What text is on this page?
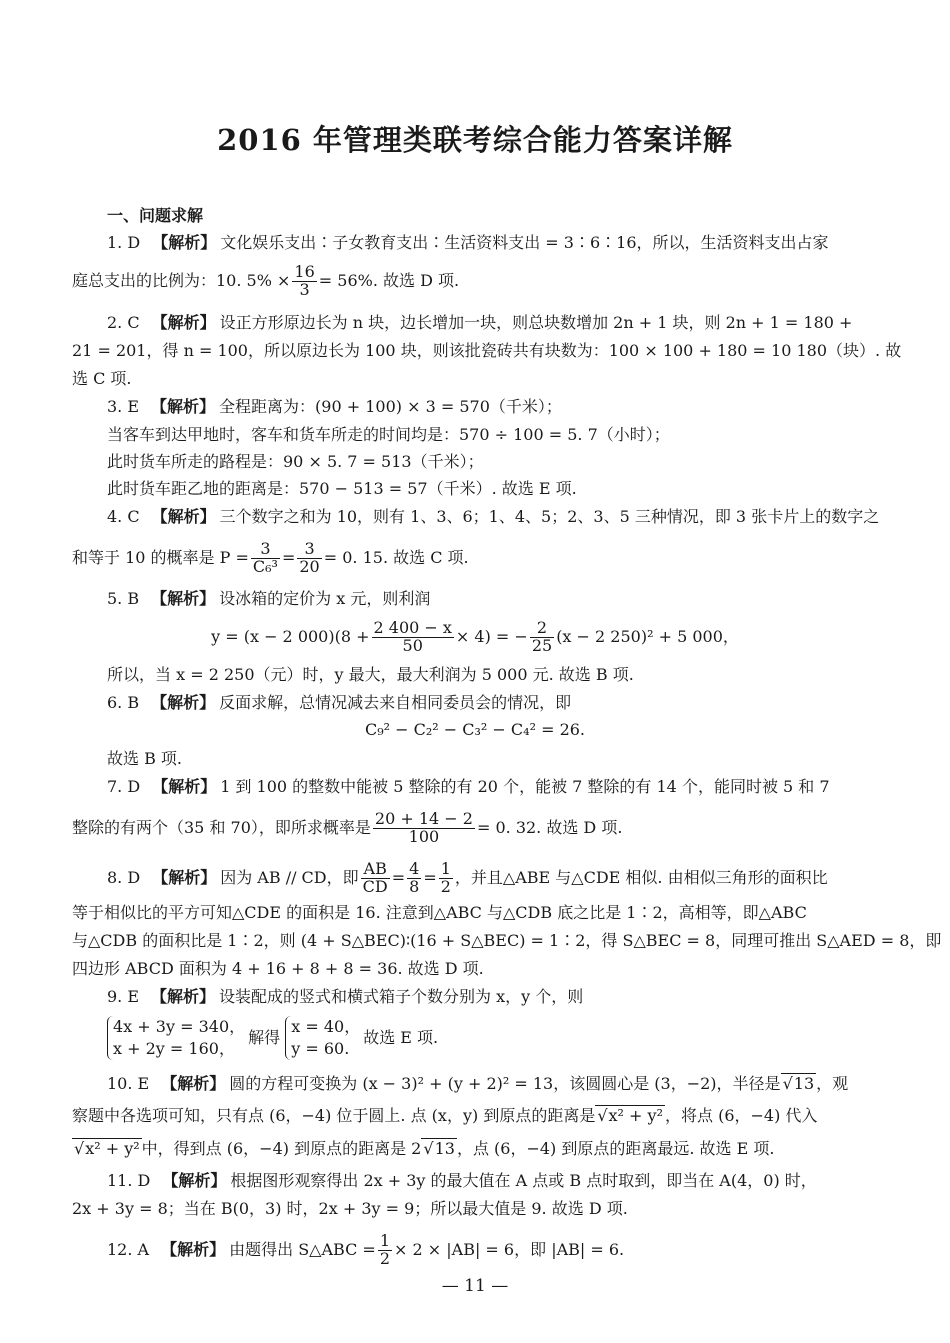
2016 年管理类联考综合能力答案详解
一、问题求解
1. D 【解析】 文化娱乐支出∶子女教育支出∶生活资料支出 = 3∶6∶16，所以，生活资料支出占家
庭总支出的比例为：10. $5\% \times \frac{16}{3} = 56\%$. 故选 D 项.
2. C 【解析】 设正方形原边长为 n 块，边长增加一块，则总块数增加 2n + 1 块，则 2n + 1 = 180 +
21 = 201，得 n = 100，所以原边长为 100 块，则该批瓷砖共有块数为：100 × 100 + 180 = 10 180（块）. 故
选 C 项.
3. E 【解析】 全程距离为：(90 + 100) × 3 = 570（千米）；
当客车到达甲地时，客车和货车所走的时间均是：570 ÷ 100 = 5. 7（小时）；
此时货车所走的路程是：90 × 5. 7 = 513（千米）；
此时货车距乙地的距离是：570 − 513 = 57（千米）. 故选 E 项.
4. C 【解析】 三个数字之和为 10，则有 1、3、6；1、4、5；2、3、5 三种情况，即 3 张卡片上的数字之
和等于 10 的概率是 $P = \frac{3}{\text{C₆³}} = \frac{3}{20} = 0$. 15. 故选 C 项.
5. B 【解析】 设冰箱的定价为 x 元，则利润
y = (x − 2 $000)(8 + \frac{2 400 - x}{50} \times 4)$ = − $\frac{2}{25} (x - 2$ 250)² + 5 000，
所以，当 x = 2 250（元）时，y 最大，最大利润为 5 000 元. 故选 B 项.
6. B 【解析】 反面求解，总情况减去来自相同委员会的情况，即
C₉² − C₂² − C₃² − C₄² = 26.
故选 B 项.
7. D 【解析】 1 到 100 的整数中能被 5 整除的有 20 个，能被 7 整除的有 14 个，能同时被 5 和 7
整除的有两个（35 和 70），即所求概率是 $\frac{20 + 14 - 2}{100} = 0$. 32. 故选 D 项.
8. D 【解析】 因为 AB // CD，即 $\frac{AB}{CD} = \frac{4}{8} = \frac{1}{2}$ ，并且△ABE 与△CDE 相似. 由相似三角形的面积比
等于相似比的平方可知△CDE 的面积是 16. 注意到△ABC 与△CDB 底之比是 1∶2，高相等，即△ABC
与△CDB 的面积比是 1∶2，则 (4 + S△BEC)∶(16 + S△BEC) = 1∶2，得 S△BEC = 8，同理可推出 S△AED = 8，即
四边形 ABCD 面积为 4 + 16 + 8 + 8 = 36. 故选 D 项.
9. E 【解析】 设装配成的竖式和横式箱子个数分别为 x，y 个，则
4x + 3y = 340，
x + 2y = 160，
解得
x = 40，
y = 60.
故选 E 项.
10. E 【解析】 圆的方程可变换为 (x − 3)² + (y + 2)² = 13，该圆圆心是 (3，−2)，半径是 √ 13 ，观
察题中各选项可知，只有点 (6，−4) 位于圆上. 点 (x，y) 到原点的距离是 √ x² + y² ，将点 (6，−4) 代入
√ x² + y² 中，得到点 (6，−4) 到原点的距离是 2 √ 13 ，点 (6，−4) 到原点的距离最远. 故选 E 项.
11. D 【解析】 根据图形观察得出 2x + 3y 的最大值在 A 点或 B 点时取到，即当在 A(4，0) 时，
2x + 3y = 8；当在 B(0，3) 时，2x + 3y = 9；所以最大值是 9. 故选 D 项.
12. A 【解析】 由题得出 S△ABC = $\frac{1}{2} \times 2 \times |AB| = 6$，即 |AB| = 6.
— 11 —
